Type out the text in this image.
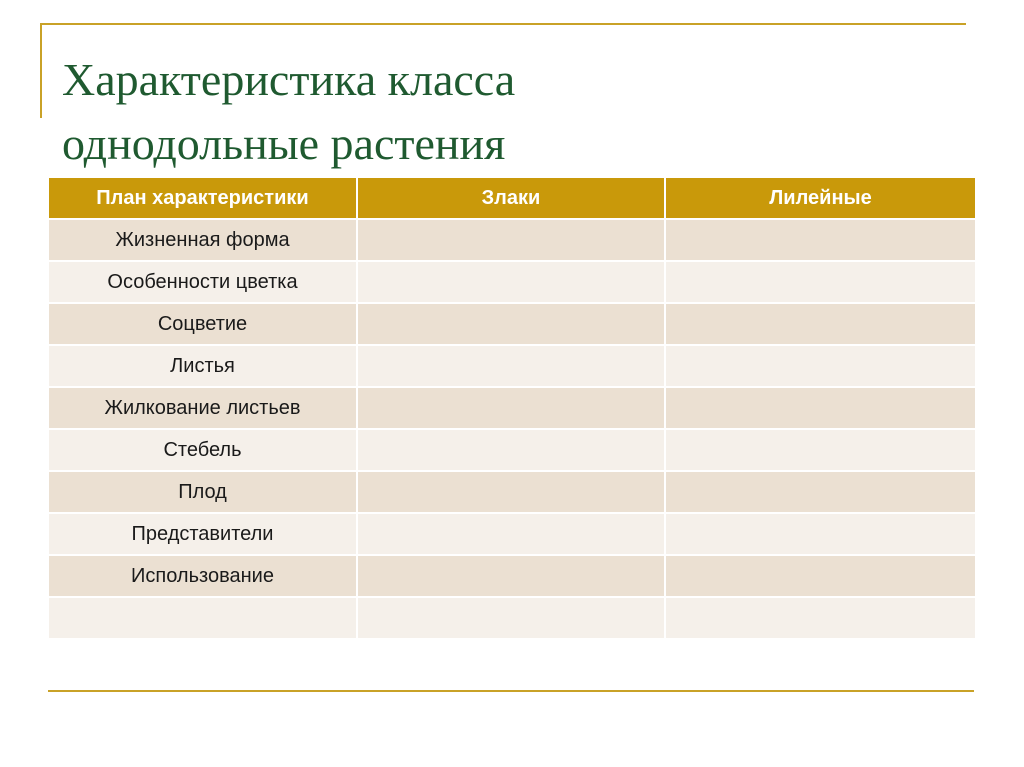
Характеристика класса
однодольные растения
План характеристики	Злаки	Лилейные
Жизненная форма		
Особенности цветка		
Соцветие		
Листья		
Жилкование листьев		
Стебель		
Плод		
Представители		
Использование		
